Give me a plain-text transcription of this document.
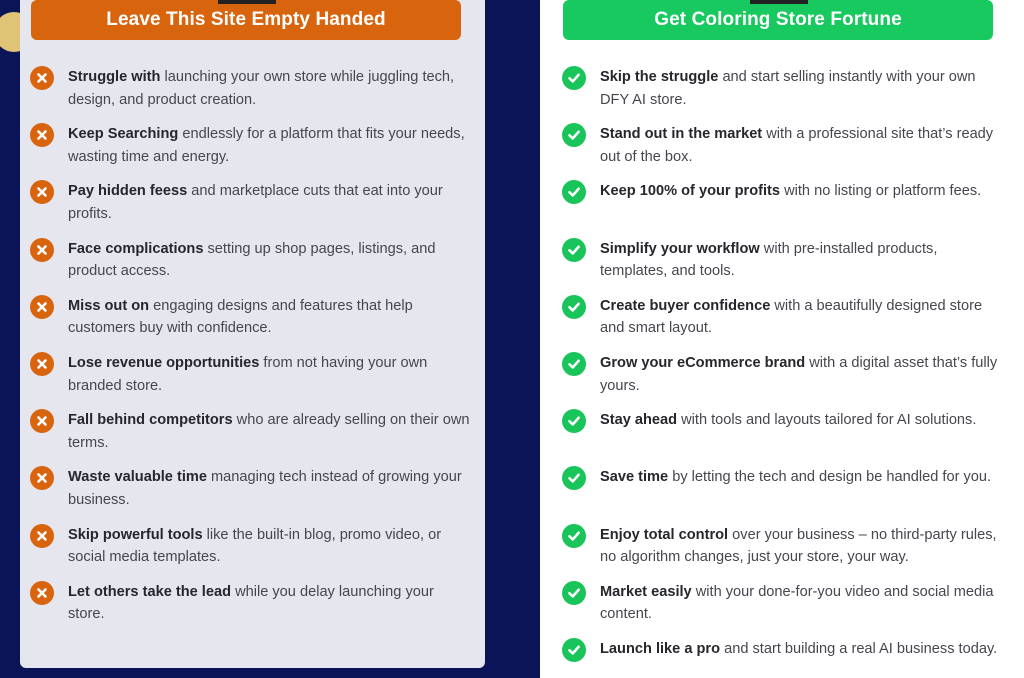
Leave This Site Empty Handed	Get Coloring Store Fortune
Struggle with launching your own store while juggling tech, design, and product creation.
Keep Searching endlessly for a platform that fits your needs, wasting time and energy.
Pay hidden feess and marketplace cuts that eat into your profits.
Face complications setting up shop pages, listings, and product access.
Miss out on engaging designs and features that help customers buy with confidence.
Lose revenue opportunities from not having your own branded store.
Fall behind competitors who are already selling on their own terms.
Waste valuable time managing tech instead of growing your business.
Skip powerful tools like the built-in blog, promo video, or social media templates.
Let others take the lead while you delay launching your store.
Skip the struggle and start selling instantly with your own DFY AI store.
Stand out in the market with a professional site that’s ready out of the box.
Keep 100% of your profits with no listing or platform fees.
Simplify your workflow with pre-installed products, templates, and tools.
Create buyer confidence with a beautifully designed store and smart layout.
Grow your eCommerce brand with a digital asset that’s fully yours.
Stay ahead with tools and layouts tailored for AI solutions.
Save time by letting the tech and design be handled for you.
Enjoy total control over your business – no third-party rules, no algorithm changes, just your store, your way.
Market easily with your done-for-you video and social media content.
Launch like a pro and start building a real AI business today.
